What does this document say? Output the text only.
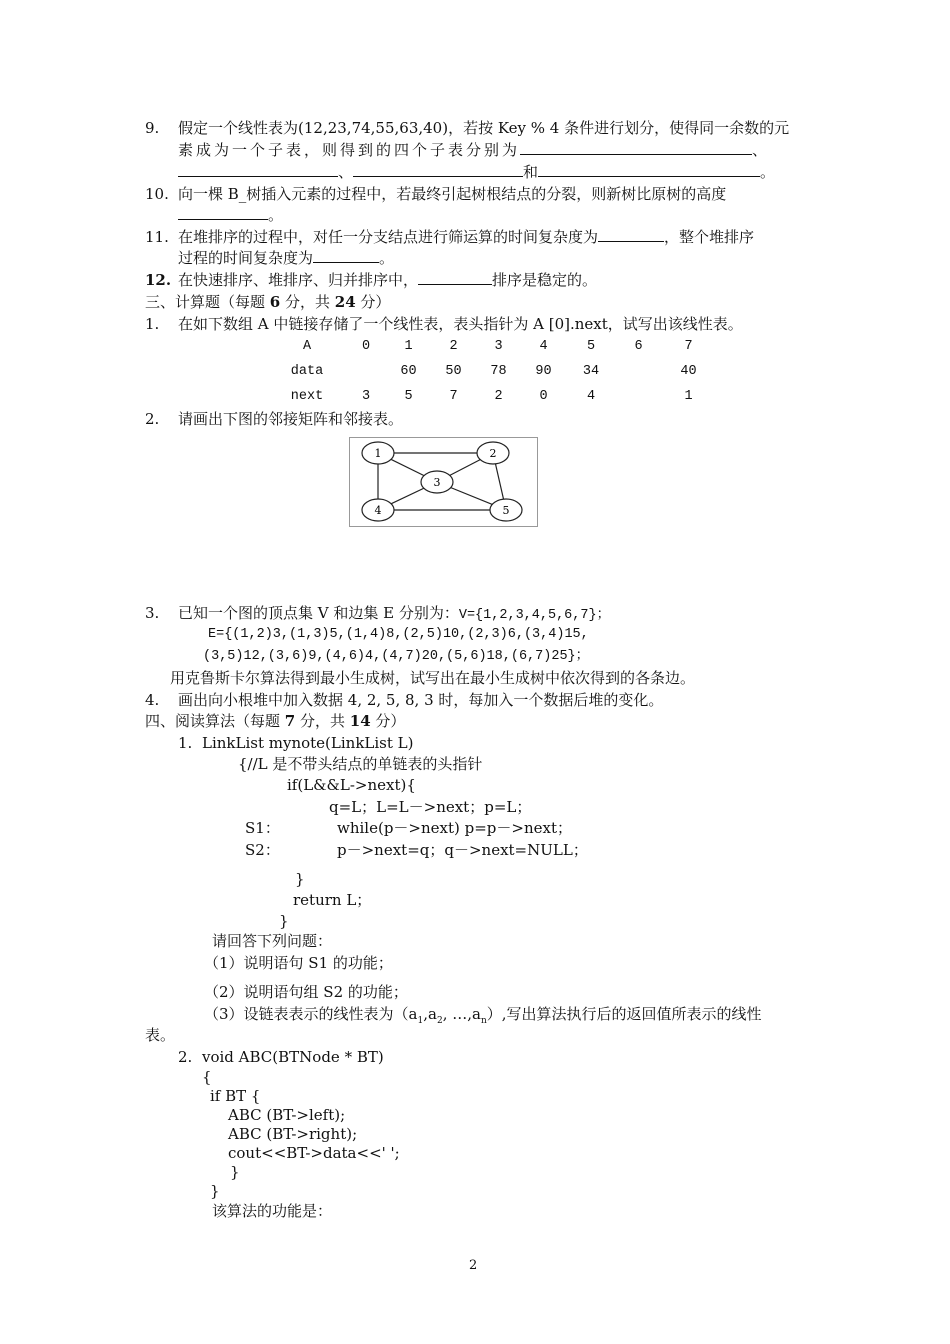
9. 假定一个线性表为(12,23,74,55,63,40)，若按 Key % 4 条件进行划分，使得同一余数的元
素成为一个子表，则得到的四个子表分别为	、
、	和	。
10. 向一棵 B_树插入元素的过程中，若最终引起树根结点的分裂，则新树比原树的高度
。
11. 在堆排序的过程中，对任一分支结点进行筛运算的时间复杂度为	，整个堆排序
过程的时间复杂度为	。
12. 在快速排序、堆排序、归并排序中，	排序是稳定的。
三、计算题（每题 6 分，共 24 分）
1. 在如下数组 A 中链接存储了一个线性表，表头指针为 A [0].next，试写出该线性表。
A	0	1	2	3	4	5	6	7
data		60	50	78	90	34		40
next	3	5	7	2	0	4		1
2. 请画出下图的邻接矩阵和邻接表。
1	2
3
4	5
3. 已知一个图的顶点集 V 和边集 E 分别为：V={1,2,3,4,5,6,7}；
E={(1,2)3,(1,3)5,(1,4)8,(2,5)10,(2,3)6,(3,4)15,
(3,5)12,(3,6)9,(4,6)4,(4,7)20,(5,6)18,(6,7)25}；
用克鲁斯卡尔算法得到最小生成树，试写出在最小生成树中依次得到的各条边。
4. 画出向小根堆中加入数据 4, 2, 5, 8, 3 时，每加入一个数据后堆的变化。
四、阅读算法（每题 7 分，共 14 分）
1. LinkList mynote(LinkList L)
{//L 是不带头结点的单链表的头指针
if(L&&L->next){
q=L；L=L－>next；p=L；
S1：	while(p－>next) p=p－>next；
S2：	p－>next=q；q－>next=NULL；
}
return L；
}
请回答下列问题：
（1）说明语句 S1 的功能；
（2）说明语句组 S2 的功能；
（3）设链表表示的线性表为（$a_1,a_2$, $\dots,a_n$）,写出算法执行后的返回值所表示的线性
表。
2. void ABC(BTNode * BT)
{
if BT {
ABC (BT->left);
ABC (BT->right);
cout<<BT->data<<' ';
}
}
该算法的功能是：
2
